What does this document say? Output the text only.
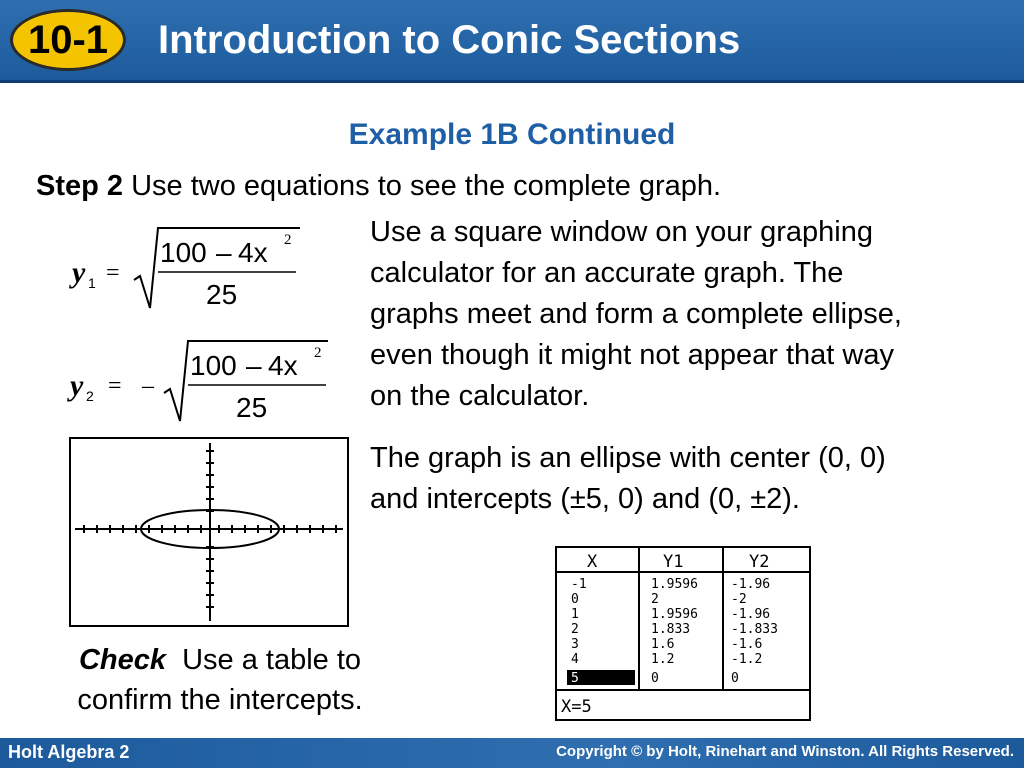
10-1	Introduction to Conic Sections
Example 1B Continued
Step 2 Use two equations to see the complete graph.
y 1 =
100 – 4x 2
25
y 2 = –
100 – 4x 2
25
Use a square window on your graphing
calculator for an accurate graph. The
graphs meet and form a complete ellipse,
even though it might not appear that way
on the calculator.
The graph is an ellipse with center (0, 0)
and intercepts (±5, 0) and (0, ±2).
Check Use a table to
confirm the intercepts.
X	Y1	Y2
-1	1.9596	-1.96
0	2	-2
1	1.9596	-1.96
2	1.833	-1.833
3	1.6	-1.6
4	1.2	-1.2
5	0	0
X=5
Holt Algebra 2	Copyright © by Holt, Rinehart and Winston. All Rights Reserved.
